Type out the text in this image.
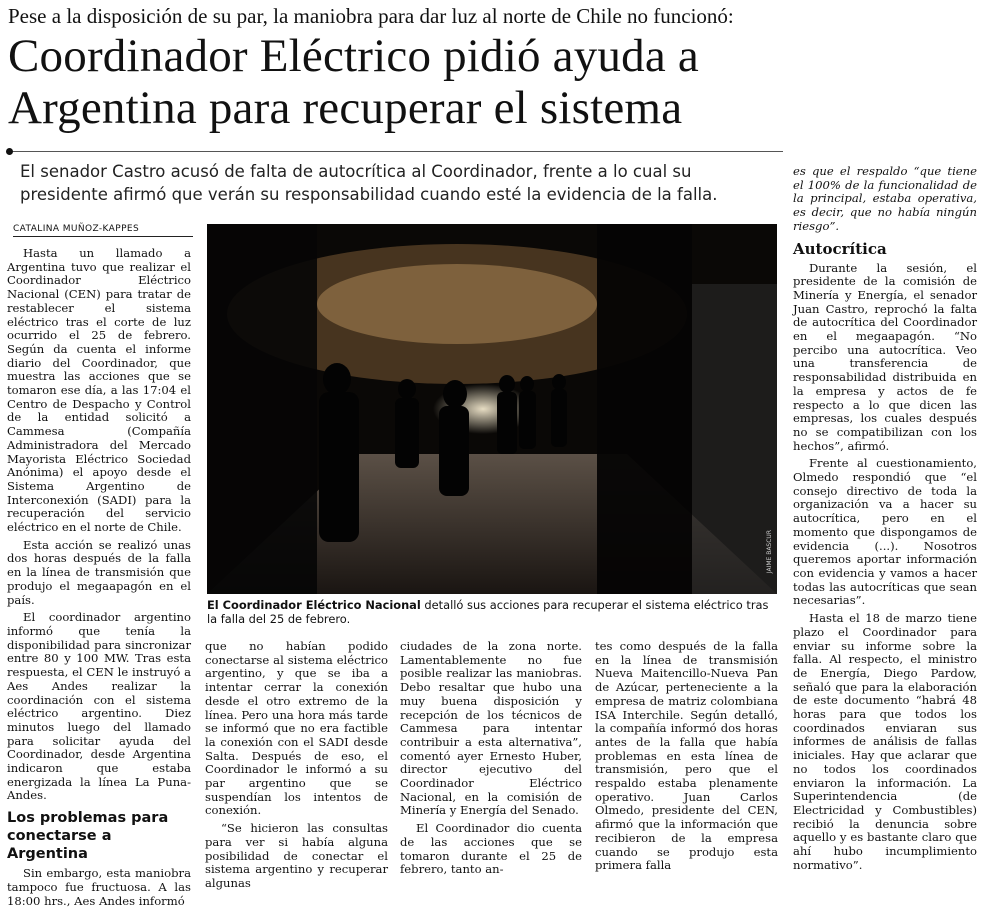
Pese a la disposición de su par, la maniobra para dar luz al norte de Chile no funcionó:
Coordinador Eléctrico pidió ayuda a
Argentina para recuperar el sistema
El senador Castro acusó de falta de autocrítica al Coordinador, frente a lo cual su
presidente afirmó que verán su responsabilidad cuando esté la evidencia de la falla.
CATALINA MUÑOZ-KAPPES

Hasta un llamado a Argentina tuvo que realizar el Coordinador Eléctrico Nacional (CEN) para tratar de restablecer el sistema eléctrico tras el corte de luz ocurrido el 25 de febrero. Según da cuenta el informe diario del Coordinador, que muestra las acciones que se tomaron ese día, a las 17:04 el Centro de Despacho y Control de la entidad solicitó a Cammesa (Compañía Administradora del Mercado Mayorista Eléctrico Sociedad Anónima) el apoyo desde el Sistema Argentino de Interconexión (SADI) para la recuperación del servicio eléctrico en el norte de Chile.

Esta acción se realizó unas dos horas después de la falla en la línea de transmisión que produjo el megaapagón en el país.

El coordinador argentino informó que tenía la disponibilidad para sincronizar entre 80 y 100 MW. Tras esta respuesta, el CEN le instruyó a Aes Andes realizar la coordinación con el sistema eléctrico argentino. Diez minutos luego del llamado para solicitar ayuda del Coordinador, desde Argentina indicaron que estaba energizada la línea La Puna-Andes.

Los problemas para conectarse a Argentina

Sin embargo, esta maniobra tampoco fue fructuosa. A las 18:00 hrs., Aes Andes informó

JAIME BASCUR
El Coordinador Eléctrico Nacional detalló sus acciones para recuperar el sistema eléctrico tras la falla del 25 de febrero.

que no habían podido conectarse al sistema eléctrico argentino, y que se iba a intentar cerrar la conexión desde el otro extremo de la línea. Pero una hora más tarde se informó que no era factible la conexión con el SADI desde Salta. Después de eso, el Coordinador le informó a su par argentino que se suspendían los intentos de conexión.

“Se hicieron las consultas para ver si había alguna posibilidad de conectar el sistema argentino y recuperar algunas

ciudades de la zona norte. Lamentablemente no fue posible realizar las maniobras. Debo resaltar que hubo una muy buena disposición y recepción de los técnicos de Cammesa para intentar contribuir a esta alternativa”, comentó ayer Ernesto Huber, director ejecutivo del Coordinador Eléctrico Nacional, en la comisión de Minería y Energía del Senado.

El Coordinador dio cuenta de las acciones que se tomaron durante el 25 de febrero, tanto an-

tes como después de la falla en la línea de transmisión Nueva Maitencillo-Nueva Pan de Azúcar, perteneciente a la empresa de matriz colombiana ISA Interchile. Según detalló, la compañía informó dos horas antes de la falla que había problemas en esta línea de transmisión, pero que el respaldo estaba plenamente operativo. Juan Carlos Olmedo, presidente del CEN, afirmó que la información que recibieron de la empresa cuando se produjo esta primera falla

es que el respaldo “que tiene el 100% de la funcionalidad de la principal, estaba operativa, es decir, que no había ningún riesgo”.

Autocrítica

Durante la sesión, el presidente de la comisión de Minería y Energía, el senador Juan Castro, reprochó la falta de autocrítica del Coordinador en el megaapagón. “No percibo una autocrítica. Veo una transferencia de responsabilidad distribuida en la empresa y actos de fe respecto a lo que dicen las empresas, los cuales después no se compatibilizan con los hechos”, afirmó.

Frente al cuestionamiento, Olmedo respondió que “el consejo directivo de toda la organización va a hacer su autocrítica, pero en el momento que dispongamos de evidencia (...). Nosotros queremos aportar información con evidencia y vamos a hacer todas las autocríticas que sean necesarias”.

Hasta el 18 de marzo tiene plazo el Coordinador para enviar su informe sobre la falla. Al respecto, el ministro de Energía, Diego Pardow, señaló que para la elaboración de este documento “habrá 48 horas para que todos los coordinados enviaran sus informes de análisis de fallas iniciales. Hay que aclarar que no todos los coordinados enviaron la información. La Superintendencia (de Electricidad y Combustibles) recibió la denuncia sobre aquello y es bastante claro que ahí hubo incumplimiento normativo”.
